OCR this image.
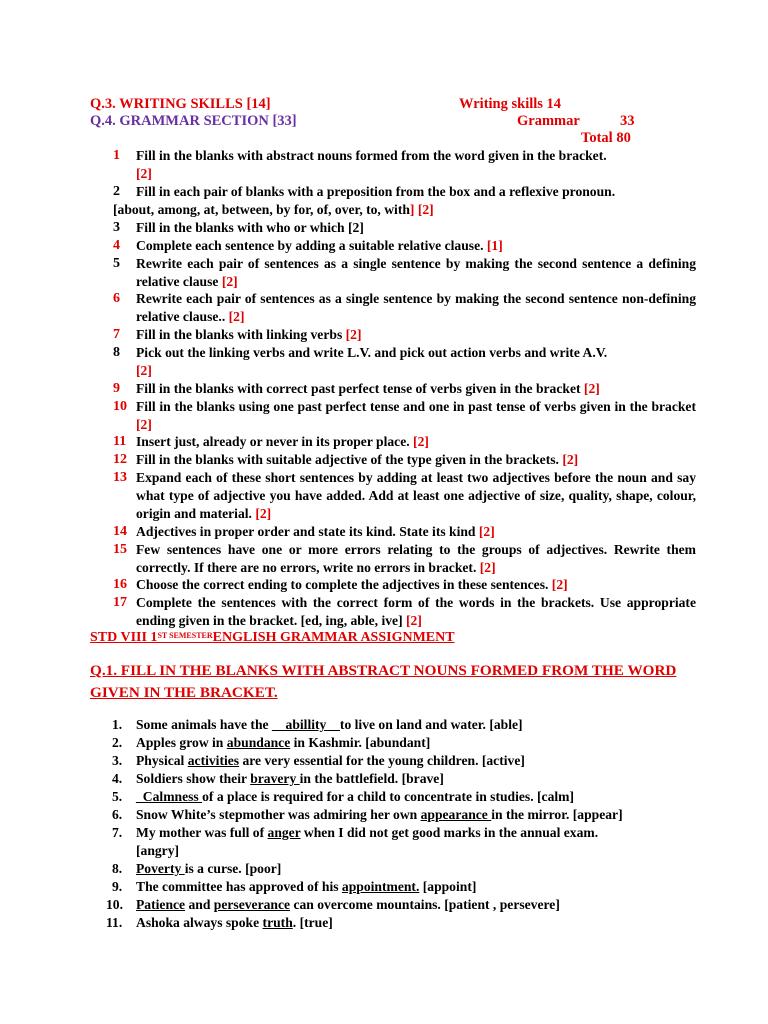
Q.3. WRITING SKILLS [14]	Writing skills 14
Q.4. GRAMMAR SECTION [33]	Grammar	33
Total 80
1 Fill in the blanks with abstract nouns formed from the word given in the bracket.
[2]
2 Fill in each pair of blanks with a preposition from the box and a reflexive pronoun.
[about, among, at, between, by for, of, over, to, with] [2]
3 Fill in the blanks with who or which [2]
4 Complete each sentence by adding a suitable relative clause. [1]
5 Rewrite each pair of sentences as a single sentence by making the second sentence a defining relative clause [2]
6 Rewrite each pair of sentences as a single sentence by making the second sentence non-defining relative clause.. [2]
7 Fill in the blanks with linking verbs [2]
8 Pick out the linking verbs and write L.V. and pick out action verbs and write A.V.
[2]
9 Fill in the blanks with correct past perfect tense of verbs given in the bracket [2]
10 Fill in the blanks using one past perfect tense and one in past tense of verbs given in the bracket [2]
11 Insert just, already or never in its proper place. [2]
12 Fill in the blanks with suitable adjective of the type given in the brackets. [2]
13 Expand each of these short sentences by adding at least two adjectives before the noun and say what type of adjective you have added. Add at least one adjective of size, quality, shape, colour, origin and material. [2]
14 Adjectives in proper order and state its kind. State its kind [2]
15 Few sentences have one or more errors relating to the groups of adjectives. Rewrite them correctly. If there are no errors, write no errors in bracket. [2]
16 Choose the correct ending to complete the adjectives in these sentences. [2]
17 Complete the sentences with the correct form of the words in the brackets. Use appropriate ending given in the bracket. [ed, ing, able, ive] [2]
STD VIII $1^{ST SEMESTER}ENGLISH$ GRAMMAR ASSIGNMENT
Q.1. FILL IN THE BLANKS WITH ABSTRACT NOUNS FORMED FROM THE WORD GIVEN IN THE BRACKET.
1. Some animals have the __abillity__to live on land and water. [able]
2. Apples grow in abundance in Kashmir. [abundant]
3. Physical activities are very essential for the young children. [active]
4. Soldiers show their bravery in the battlefield. [brave]
5. _Calmness of a place is required for a child to concentrate in studies. [calm]
6. Snow White’s stepmother was admiring her own appearance in the mirror. [appear]
7. My mother was full of anger when I did not get good marks in the annual exam.
[angry]
8. Poverty is a curse. [poor]
9. The committee has approved of his appointment. [appoint]
10. Patience and perseverance can overcome mountains. [patient , persevere]
11. Ashoka always spoke truth. [true]
